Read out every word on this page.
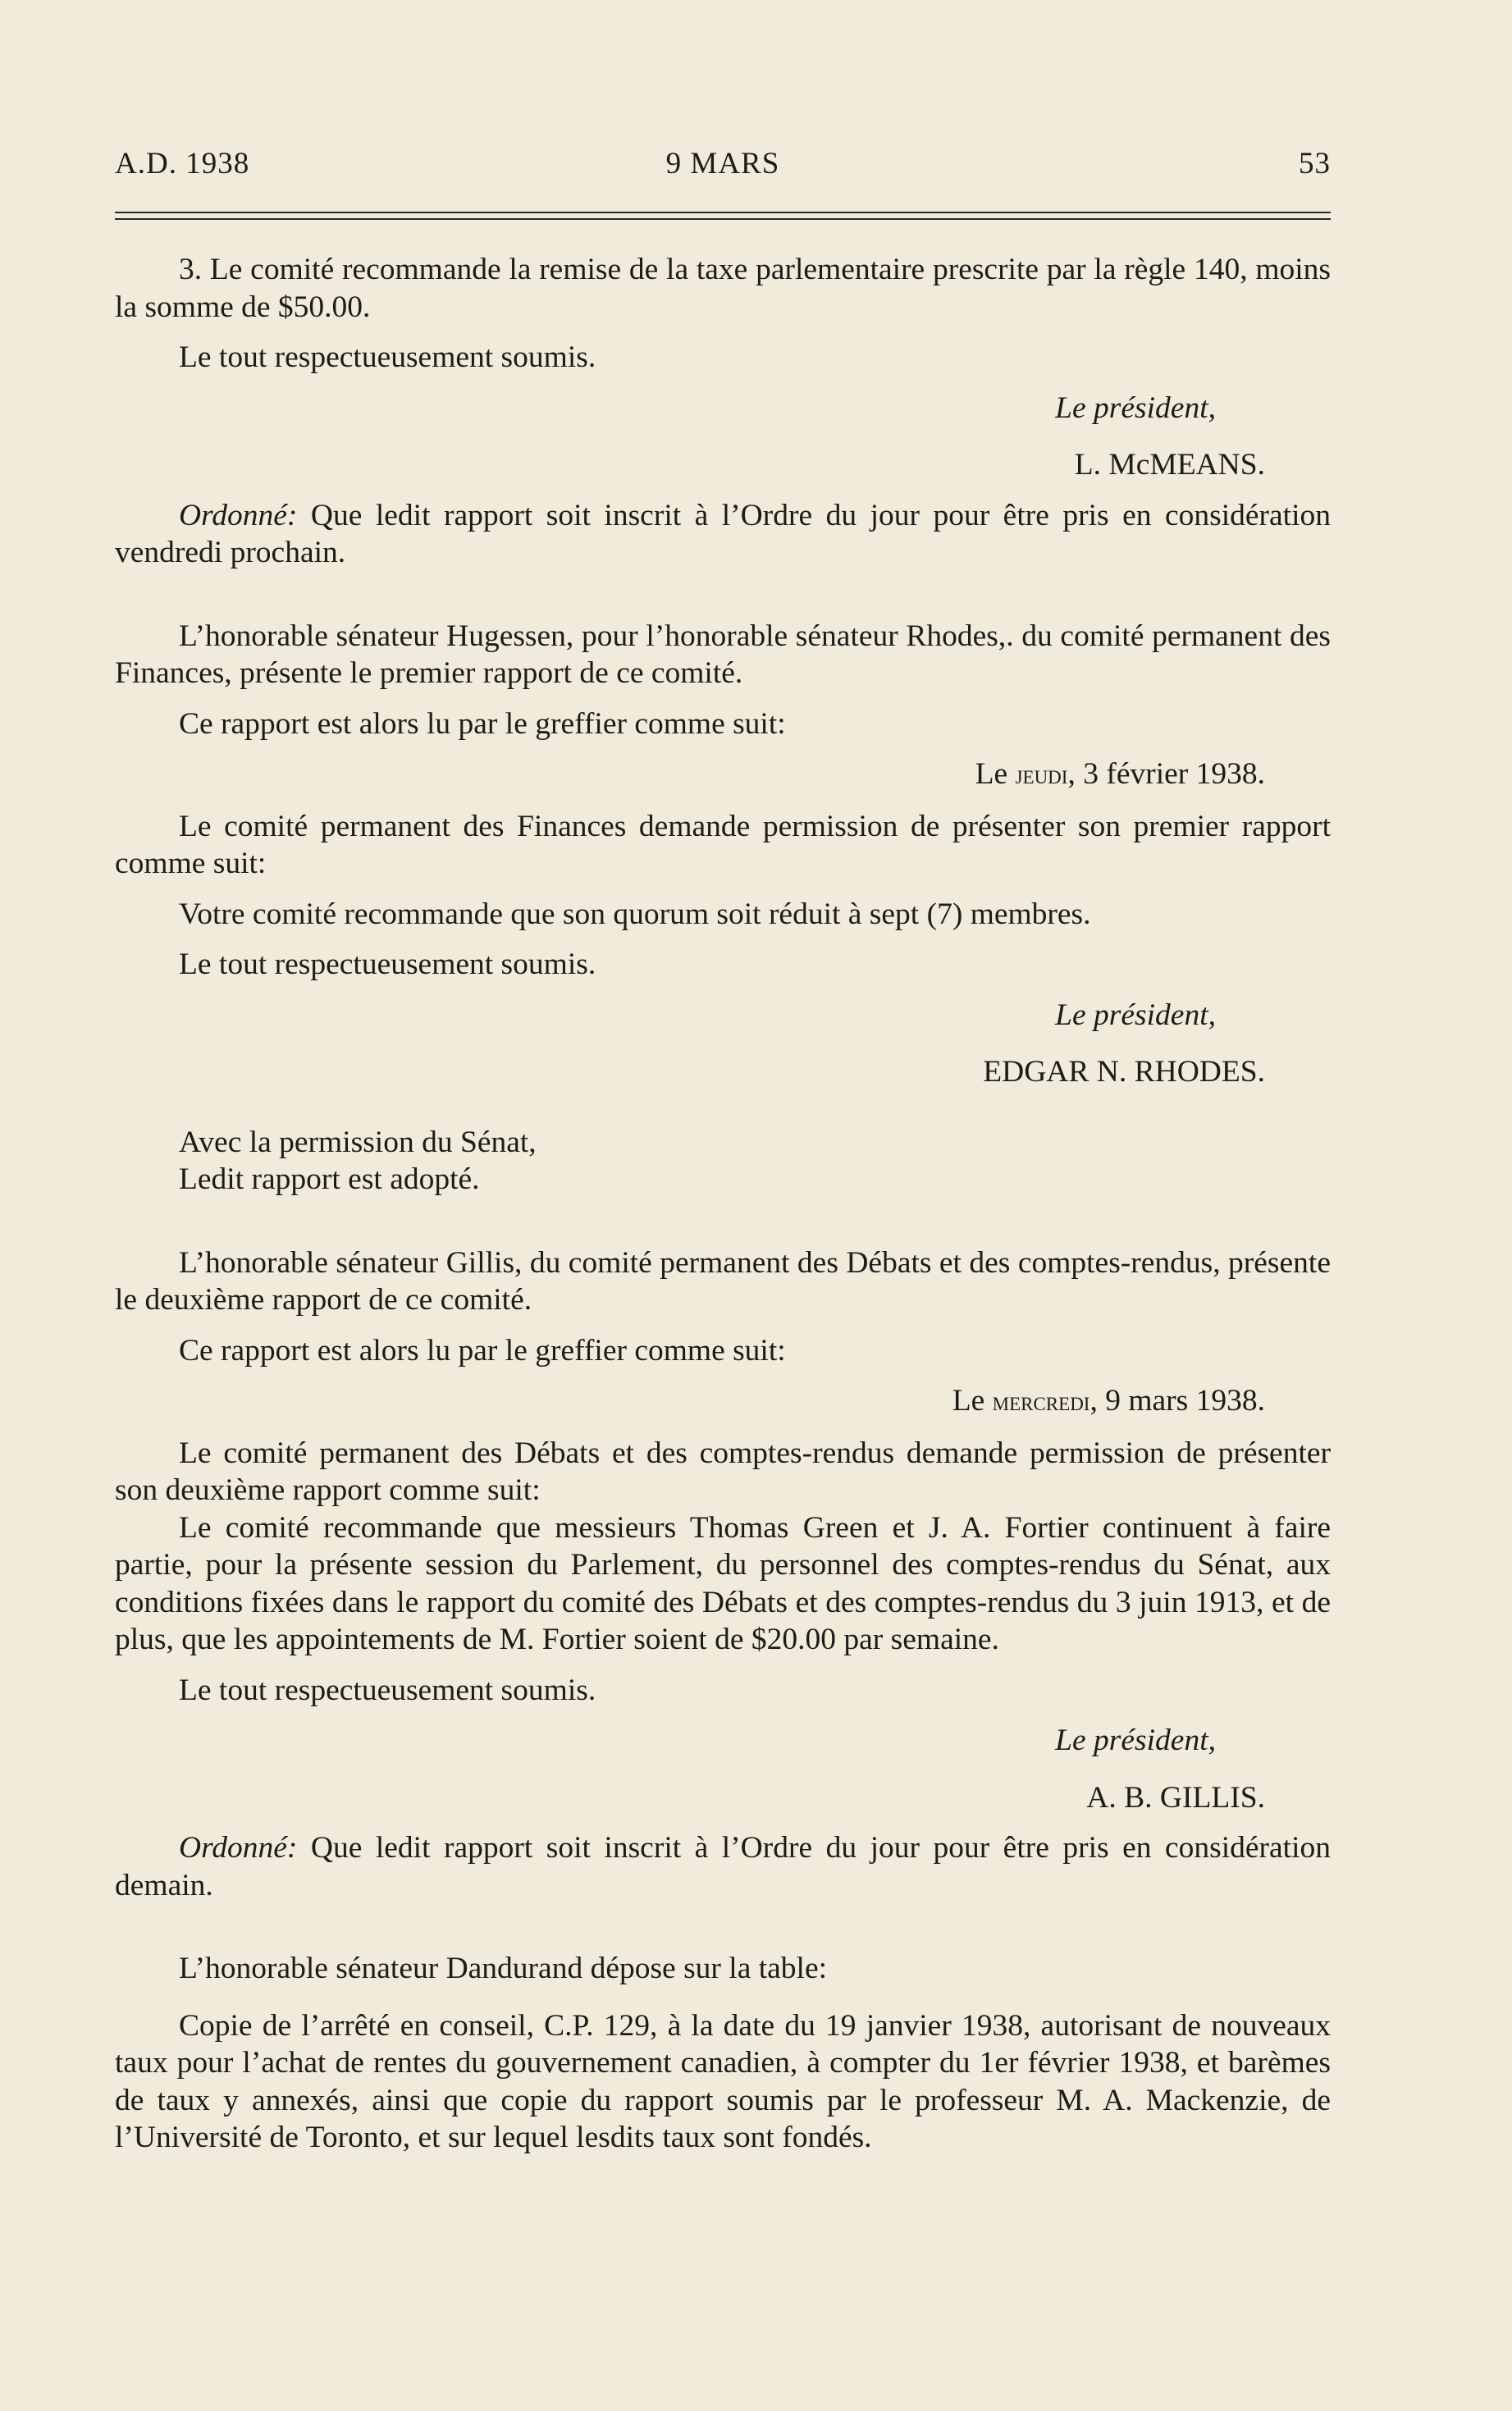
A.D. 1938	9 MARS	53

3. Le comité recommande la remise de la taxe parlementaire prescrite par la règle 140, moins la somme de $50.00.

Le tout respectueusement soumis.

Le président,

L. McMEANS.

Ordonné: Que ledit rapport soit inscrit à l’Ordre du jour pour être pris en considération vendredi prochain.

L’honorable sénateur Hugessen, pour l’honorable sénateur Rhodes,. du comité permanent des Finances, présente le premier rapport de ce comité.

Ce rapport est alors lu par le greffier comme suit:

Le jeudi, 3 février 1938.

Le comité permanent des Finances demande permission de présenter son premier rapport comme suit:

Votre comité recommande que son quorum soit réduit à sept (7) membres.

Le tout respectueusement soumis.

Le président,

EDGAR N. RHODES.

Avec la permission du Sénat,

Ledit rapport est adopté.

L’honorable sénateur Gillis, du comité permanent des Débats et des comptes-rendus, présente le deuxième rapport de ce comité.

Ce rapport est alors lu par le greffier comme suit:

Le mercredi, 9 mars 1938.

Le comité permanent des Débats et des comptes-rendus demande permission de présenter son deuxième rapport comme suit:

Le comité recommande que messieurs Thomas Green et J. A. Fortier continuent à faire partie, pour la présente session du Parlement, du personnel des comptes-rendus du Sénat, aux conditions fixées dans le rapport du comité des Débats et des comptes-rendus du 3 juin 1913, et de plus, que les appointements de M. Fortier soient de $20.00 par semaine.

Le tout respectueusement soumis.

Le président,

A. B. GILLIS.

Ordonné: Que ledit rapport soit inscrit à l’Ordre du jour pour être pris en considération demain.

L’honorable sénateur Dandurand dépose sur la table:

Copie de l’arrêté en conseil, C.P. 129, à la date du 19 janvier 1938, autorisant de nouveaux taux pour l’achat de rentes du gouvernement canadien, à compter du 1er février 1938, et barèmes de taux y annexés, ainsi que copie du rapport soumis par le professeur M. A. Mackenzie, de l’Université de Toronto, et sur lequel lesdits taux sont fondés.
